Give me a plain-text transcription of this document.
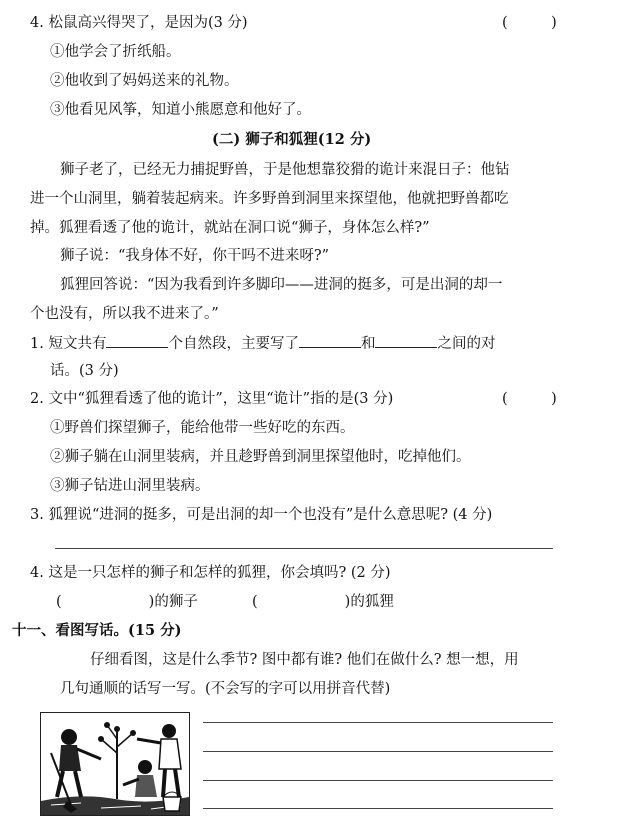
4. 松鼠高兴得哭了，是因为(3 分)	(　　　)
①他学会了折纸船。
②他收到了妈妈送来的礼物。
③他看见风筝，知道小熊愿意和他好了。
(二) 狮子和狐狸(12 分)
狮子老了，已经无力捕捉野兽，于是他想靠狡猾的诡计来混日子：他钻
进一个山洞里，躺着装起病来。许多野兽到洞里来探望他，他就把野兽都吃
掉。狐狸看透了他的诡计，就站在洞口说“狮子，身体怎么样?”
狮子说：“我身体不好，你干吗不进来呀?”
狐狸回答说：“因为我看到许多脚印——进洞的挺多，可是出洞的却一
个也没有，所以我不进来了。”
1. 短文共有	个自然段，主要写了	和	之间的对
话。(3 分)
2. 文中“狐狸看透了他的诡计”，这里“诡计”指的是(3 分)	(　　　)
①野兽们探望狮子，能给他带一些好吃的东西。
②狮子躺在山洞里装病，并且趁野兽到洞里探望他时，吃掉他们。
③狮子钻进山洞里装病。
3. 狐狸说“进洞的挺多，可是出洞的却一个也没有”是什么意思呢? (4 分)
4. 这是一只怎样的狮子和怎样的狐狸，你会填吗? (2 分)
(　　　　　　)的狮子	(　　　　　　)的狐狸
十一、看图写话。(15 分)
仔细看图，这是什么季节? 图中都有谁? 他们在做什么? 想一想，用
几句通顺的话写一写。(不会写的字可以用拼音代替)
